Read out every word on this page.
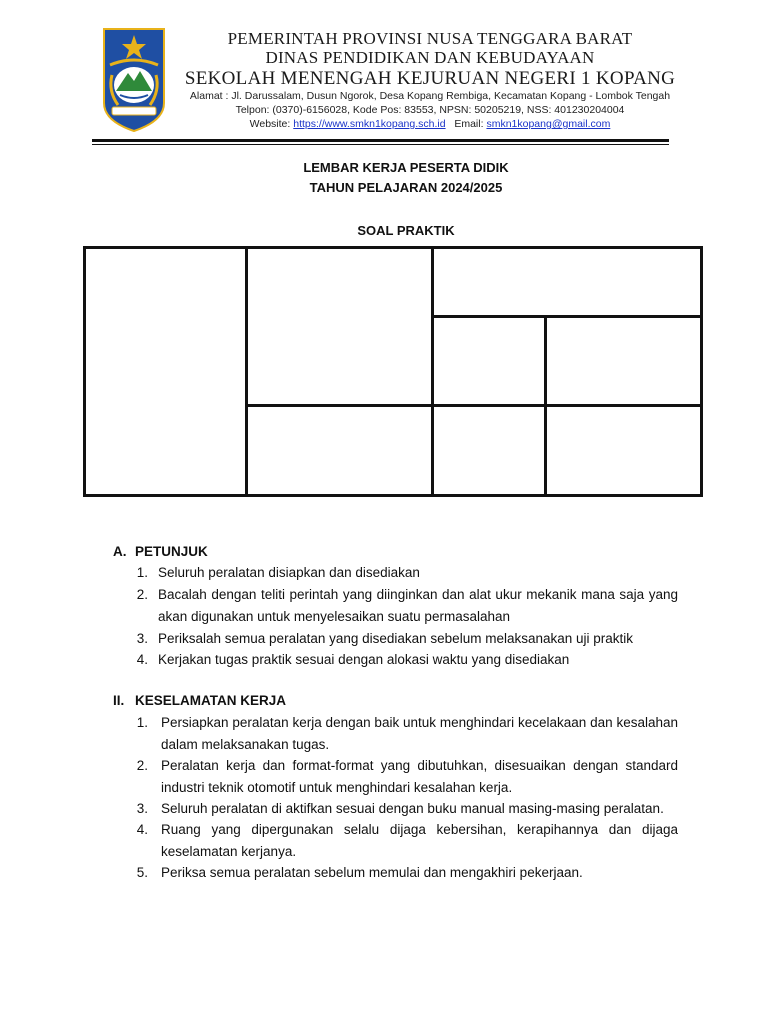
PEMERINTAH PROVINSI NUSA TENGGARA BARAT
DINAS PENDIDIKAN DAN KEBUDAYAAN
SEKOLAH MENENGAH KEJURUAN NEGERI 1 KOPANG
Alamat : Jl. Darussalam, Dusun Ngorok, Desa Kopang Rembiga, Kecamatan Kopang - Lombok Tengah
Telpon: (0370)-6156028, Kode Pos: 83553, NPSN: 50205219, NSS: 401230204004
Website: https://www.smkn1kopang.sch.id Email: smkn1kopang@gmail.com
LEMBAR KERJA PESERTA DIDIK
TAHUN PELAJARAN 2024/2025
SOAL PRAKTIK
A. PETUNJUK
1. Seluruh peralatan disiapkan dan disediakan
2. Bacalah dengan teliti perintah yang diinginkan dan alat ukur mekanik mana saja yang akan digunakan untuk menyelesaikan suatu permasalahan
3. Periksalah semua peralatan yang disediakan sebelum melaksanakan uji praktik
4. Kerjakan tugas praktik sesuai dengan alokasi waktu yang disediakan
II. KESELAMATAN KERJA
1. Persiapkan peralatan kerja dengan baik untuk menghindari kecelakaan dan kesalahan dalam melaksanakan tugas.
2. Peralatan kerja dan format-format yang dibutuhkan, disesuaikan dengan standard industri teknik otomotif untuk menghindari kesalahan kerja.
3. Seluruh peralatan di aktifkan sesuai dengan buku manual masing-masing peralatan.
4. Ruang yang dipergunakan selalu dijaga kebersihan, kerapihannya dan dijaga keselamatan kerjanya.
5. Periksa semua peralatan sebelum memulai dan mengakhiri pekerjaan.
